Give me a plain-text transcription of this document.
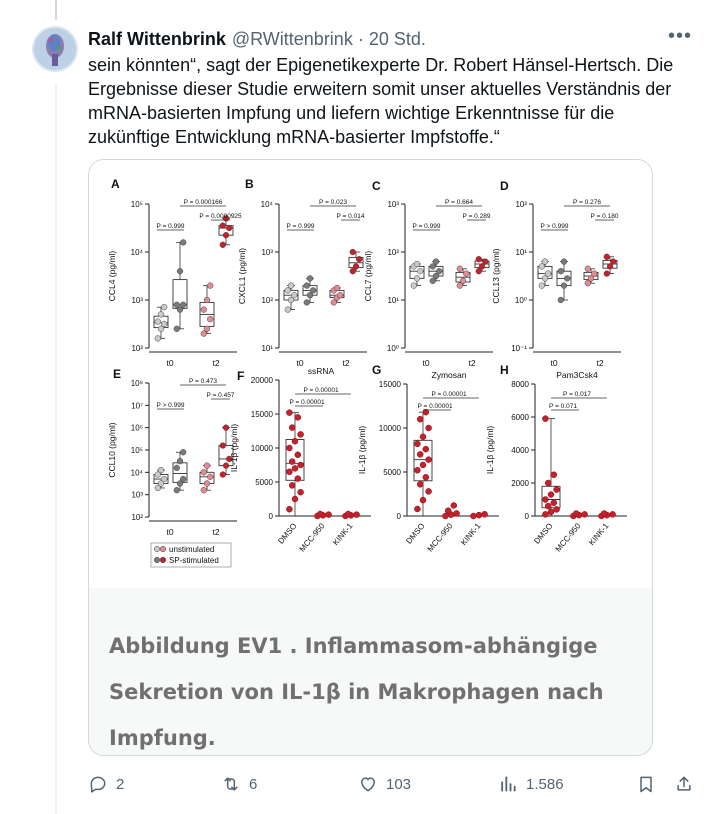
Ralf Wittenbrink @RWittenbrink · 20 Std.	•••

sein könnten“, sagt der Epigenetikexperte Dr. Robert Hänsel-Hertsch. Die

Ergebnisse dieser Studie erweitern somit unser aktuelles Verständnis der

mRNA-basierten Impfung und liefern wichtige Erkenntnisse für die

zukünftige Entwicklung mRNA-basierter Impfstoffe.“

A
10²
10³
10⁴
10⁵
CCL4 (pg/ml)
t0	t2
P = 0.999
P = 0.000166
P = 0.0000925
B
10¹
10²
10³
10⁴
CXCL1 (pg/ml)
t0	t2
P = 0.999
P = 0.023
P = 0.014
C
10⁰
10¹
10²
10³
CCL7 (pg/ml)
t0	t2
P = 0.999
P = 0.664
P = 0.289
D
10⁻¹
10⁰
10¹
10²
CCL13 (pg/ml)
t0	t2
P > 0.999
P = 0.276
P = 0.180
E
10²
10³
10⁴
10⁵
10⁶
10⁷
10⁸
CCL10 (pg/ml)
t0	t2
P > 0.999
P = 0.473
P = 0.457
unstimulated
SP-stimulated
F
0
5000
10000
15000
20000
IL-1β (pg/ml)
ssRNA
DMSO MCC-950 KINK-1
P = 0.00001
P = 0.00001
G
0
5000
10000
15000
IL-1β (pg/ml)
Zymosan
DMSO MCC-950 KINK-1
P = 0.00001
P = 0.00001
H
0
2000
4000
6000
8000
IL-1β (pg/ml)
Pam3Csk4
DMSO MCC-950 KINK-1
P = 0.071
P = 0.017

Abbildung EV1 . Inflammasom-abhängige

Sekretion von IL-1β in Makrophagen nach

Impfung.

2	6	103	1.586
